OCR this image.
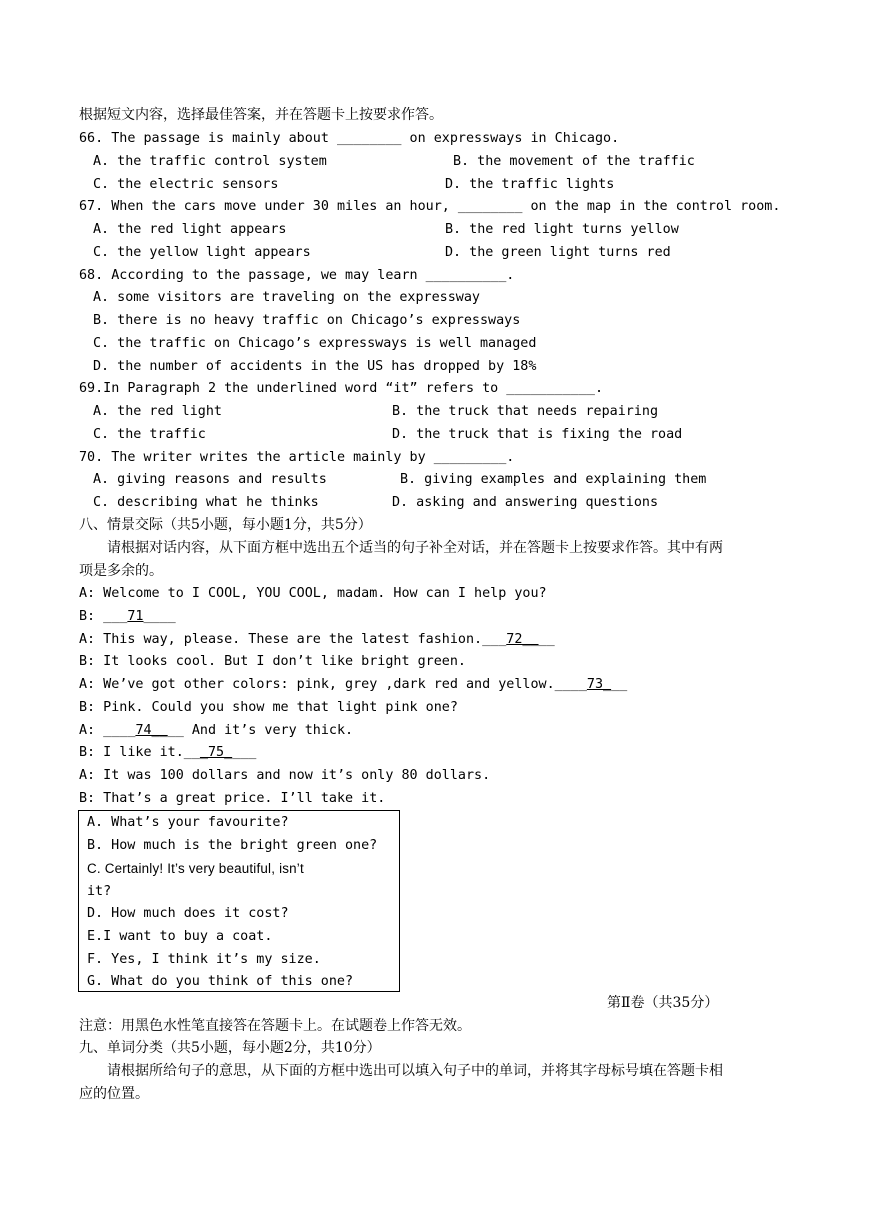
根据短文内容，选择最佳答案，并在答题卡上按要求作答。
66. The passage is mainly about ________ on expressways in Chicago.
A. the traffic control system	B. the movement of the traffic
C. the electric sensors	D. the traffic lights
67. When the cars move under 30 miles an hour, ________ on the map in the control room.
A. the red light appears	B. the red light turns yellow
C. the yellow light appears	D. the green light turns red
68. According to the passage, we may learn __________.
A. some visitors are traveling on the expressway
B. there is no heavy traffic on Chicago’s expressways
C. the traffic on Chicago’s expressways is well managed
D. the number of accidents in the US has dropped by 18%
69.In Paragraph 2 the underlined word “it” refers to ___________.
A. the red light	B. the truck that needs repairing
C. the traffic	D. the truck that is fixing the road
70. The writer writes the article mainly by _________.
A. giving reasons and results	B. giving examples and explaining them
C. describing what he thinks	D. asking and answering questions
八、情景交际（共5小题，每小题1分，共5分）
请根据对话内容，从下面方框中选出五个适当的句子补全对话，并在答题卡上按要求作答。其中有两
项是多余的。
A: Welcome to I COOL, YOU COOL, madam. How can I help you?
B: ___71____
A: This way, please. These are the latest fashion.___72____
B: It looks cool. But I don’t like bright green.
A: We’ve got other colors: pink, grey ,dark red and yellow.____73___
B: Pink. Could you show me that light pink one?
A: ____74____ And it’s very thick.
B: I like it.___75____
A: It was 100 dollars and now it’s only 80 dollars.
B: That’s a great price. I’ll take it.
A. What’s your favourite?
B. How much is the bright green one?
C. Certainly! It’s very beautiful, isn’t
it?
D. How much does it cost?
E.I want to buy a coat.
F. Yes, I think it’s my size.
G. What do you think of this one?
第Ⅱ卷（共35分）
注意：用黑色水性笔直接答在答题卡上。在试题卷上作答无效。
九、单词分类（共5小题，每小题2分，共10分）
请根据所给句子的意思，从下面的方框中选出可以填入句子中的单词，并将其字母标号填在答题卡相
应的位置。
